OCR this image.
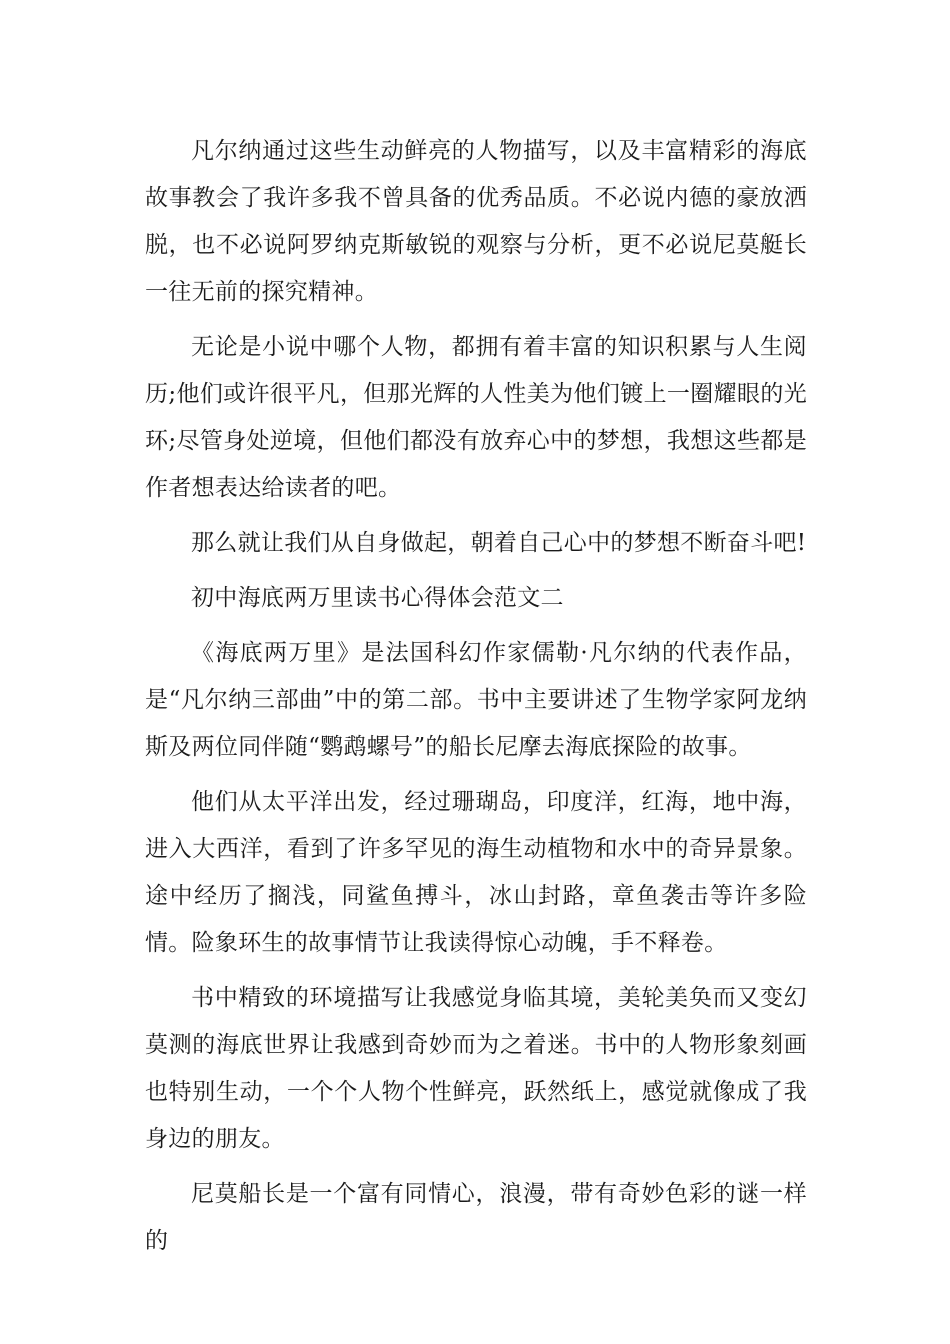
凡尔纳通过这些生动鲜亮的人物描写，以及丰富精彩的海底故事教会了我许多我不曾具备的优秀品质。不必说内德的豪放洒脱，也不必说阿罗纳克斯敏锐的观察与分析，更不必说尼莫艇长一往无前的探究精神。

无论是小说中哪个人物，都拥有着丰富的知识积累与人生阅历;他们或许很平凡，但那光辉的人性美为他们镀上一圈耀眼的光环;尽管身处逆境，但他们都没有放弃心中的梦想，我想这些都是作者想表达给读者的吧。

那么就让我们从自身做起，朝着自己心中的梦想不断奋斗吧!

初中海底两万里读书心得体会范文二

《海底两万里》是法国科幻作家儒勒·凡尔纳的代表作品，是“凡尔纳三部曲”中的第二部。书中主要讲述了生物学家阿龙纳斯及两位同伴随“鹦鹉螺号”的船长尼摩去海底探险的故事。

他们从太平洋出发，经过珊瑚岛，印度洋，红海，地中海，进入大西洋，看到了许多罕见的海生动植物和水中的奇异景象。途中经历了搁浅，同鲨鱼搏斗，冰山封路，章鱼袭击等许多险情。险象环生的故事情节让我读得惊心动魄，手不释卷。

书中精致的环境描写让我感觉身临其境，美轮美奂而又变幻莫测的海底世界让我感到奇妙而为之着迷。书中的人物形象刻画也特别生动，一个个人物个性鲜亮，跃然纸上，感觉就像成了我身边的朋友。

尼莫船长是一个富有同情心，浪漫，带有奇妙色彩的谜一样的
